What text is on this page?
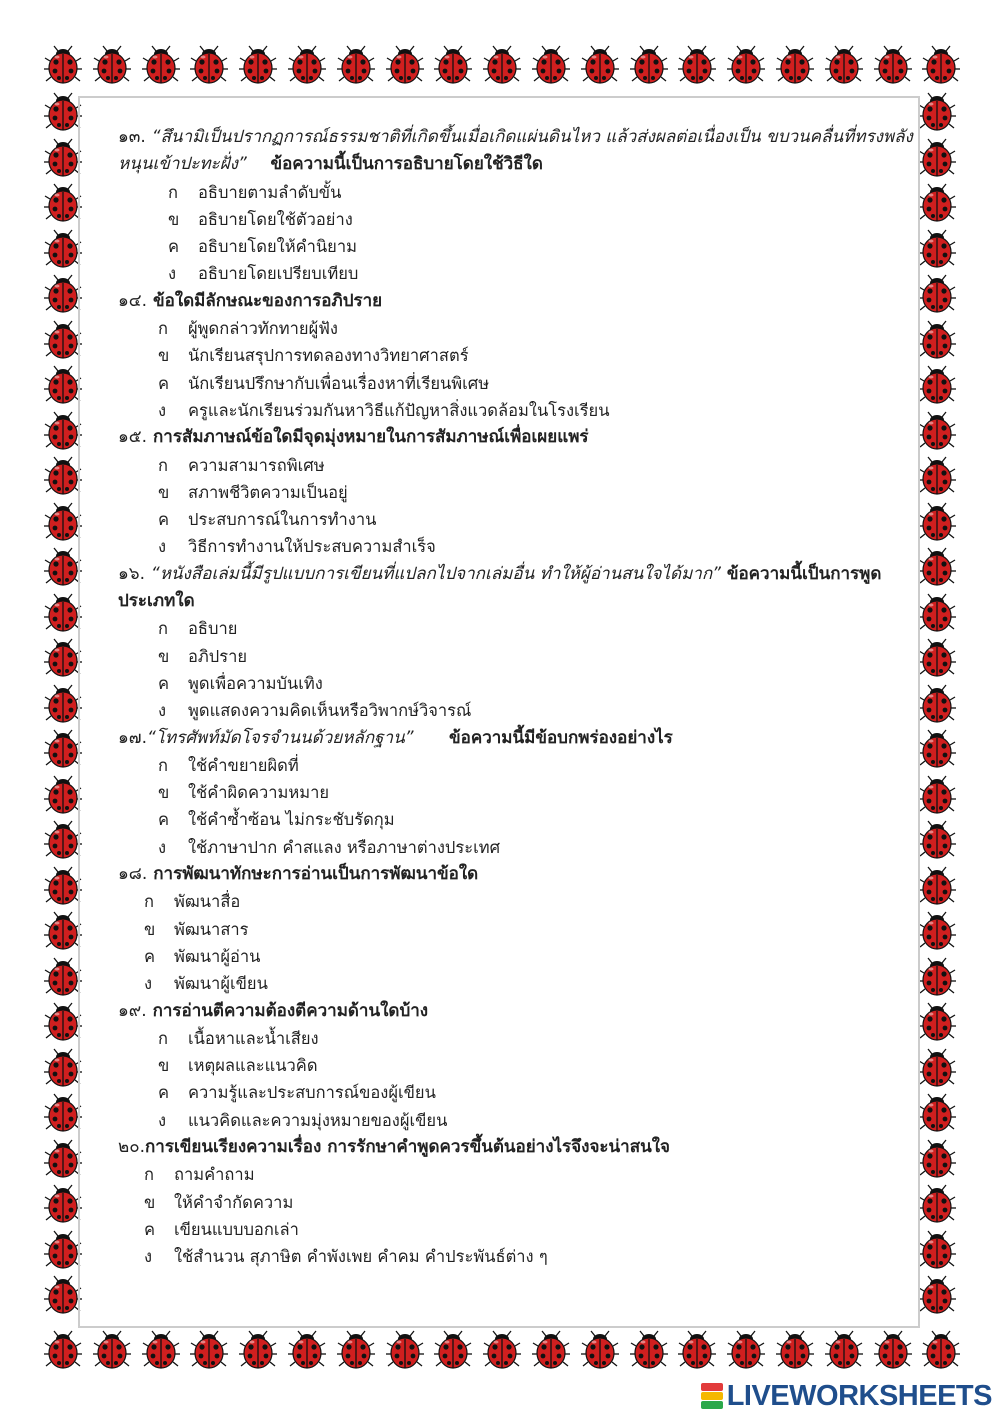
๑๓. “สึนามิเป็นปรากฏการณ์ธรรมชาติที่เกิดขึ้นเมื่อเกิดแผ่นดินไหว แล้วส่งผลต่อเนื่องเป็น ขบวนคลื่นที่ทรงพลังหนุนเข้าปะทะฝั่ง” ข้อความนี้เป็นการอธิบายโดยใช้วิธีใด
ก อธิบายตามลำดับขั้น
ข อธิบายโดยใช้ตัวอย่าง
ค อธิบายโดยให้คำนิยาม
ง อธิบายโดยเปรียบเทียบ
๑๔. ข้อใดมีลักษณะของการอภิปราย
ก ผู้พูดกล่าวทักทายผู้ฟัง
ข นักเรียนสรุปการทดลองทางวิทยาศาสตร์
ค นักเรียนปรึกษากับเพื่อนเรื่องหาที่เรียนพิเศษ
ง ครูและนักเรียนร่วมกันหาวิธีแก้ปัญหาสิ่งแวดล้อมในโรงเรียน
๑๕. การสัมภาษณ์ข้อใดมีจุดมุ่งหมายในการสัมภาษณ์เพื่อเผยแพร่
ก ความสามารถพิเศษ
ข สภาพชีวิตความเป็นอยู่
ค ประสบการณ์ในการทำงาน
ง วิธีการทำงานให้ประสบความสำเร็จ
๑๖. “หนังสือเล่มนี้มีรูปแบบการเขียนที่แปลกไปจากเล่มอื่น ทำให้ผู้อ่านสนใจได้มาก” ข้อความนี้เป็นการพูดประเภทใด
ก อธิบาย
ข อภิปราย
ค พูดเพื่อความบันเทิง
ง พูดแสดงความคิดเห็นหรือวิพากษ์วิจารณ์
๑๗.“โทรศัพท์มัดโจรจำนนด้วยหลักฐาน” ข้อความนี้มีข้อบกพร่องอย่างไร
ก ใช้คำขยายผิดที่
ข ใช้คำผิดความหมาย
ค ใช้คำซ้ำซ้อน ไม่กระชับรัดกุม
ง ใช้ภาษาปาก คำสแลง หรือภาษาต่างประเทศ
๑๘. การพัฒนาทักษะการอ่านเป็นการพัฒนาข้อใด
ก พัฒนาสื่อ
ข พัฒนาสาร
ค พัฒนาผู้อ่าน
ง พัฒนาผู้เขียน
๑๙. การอ่านตีความต้องตีความด้านใดบ้าง
ก เนื้อหาและน้ำเสียง
ข เหตุผลและแนวคิด
ค ความรู้และประสบการณ์ของผู้เขียน
ง แนวคิดและความมุ่งหมายของผู้เขียน
๒๐.การเขียนเรียงความเรื่อง การรักษาคำพูดควรขึ้นต้นอย่างไรจึงจะน่าสนใจ
ก ถามคำถาม
ข ให้คำจำกัดความ
ค เขียนแบบบอกเล่า
ง ใช้สำนวน สุภาษิต คำพังเพย คำคม คำประพันธ์ต่าง ๆ
LIVEWORKSHEETS
